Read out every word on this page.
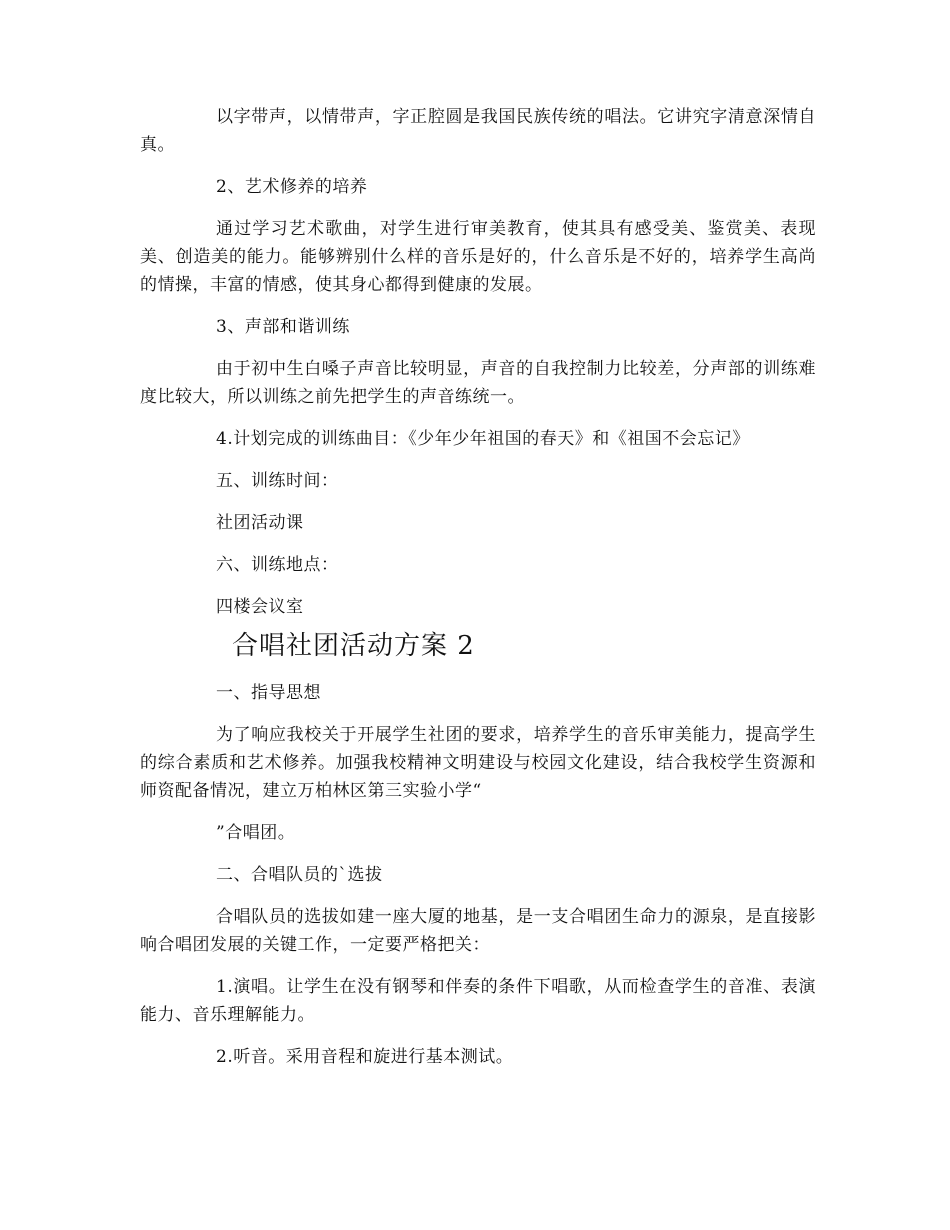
以字带声，以情带声，字正腔圆是我国民族传统的唱法。它讲究字清意深情自真。

2、艺术修养的培养

通过学习艺术歌曲，对学生进行审美教育，使其具有感受美、鉴赏美、表现美、创造美的能力。能够辨别什么样的音乐是好的，什么音乐是不好的，培养学生高尚的情操，丰富的情感，使其身心都得到健康的发展。

3、声部和谐训练

由于初中生白嗓子声音比较明显，声音的自我控制力比较差，分声部的训练难度比较大，所以训练之前先把学生的声音练统一。

4.计划完成的训练曲目：《少年少年祖国的春天》和《祖国不会忘记》

五、训练时间：

社团活动课

六、训练地点：

四楼会议室

合唱社团活动方案 2

一、指导思想

为了响应我校关于开展学生社团的要求，培养学生的音乐审美能力，提高学生的综合素质和艺术修养。加强我校精神文明建设与校园文化建设，结合我校学生资源和师资配备情况，建立万柏林区第三实验小学“

”合唱团。

二、合唱队员的`选拔

合唱队员的选拔如建一座大厦的地基，是一支合唱团生命力的源泉，是直接影响合唱团发展的关键工作，一定要严格把关：

1.演唱。让学生在没有钢琴和伴奏的条件下唱歌，从而检查学生的音准、表演能力、音乐理解能力。

2.听音。采用音程和旋进行基本测试。
